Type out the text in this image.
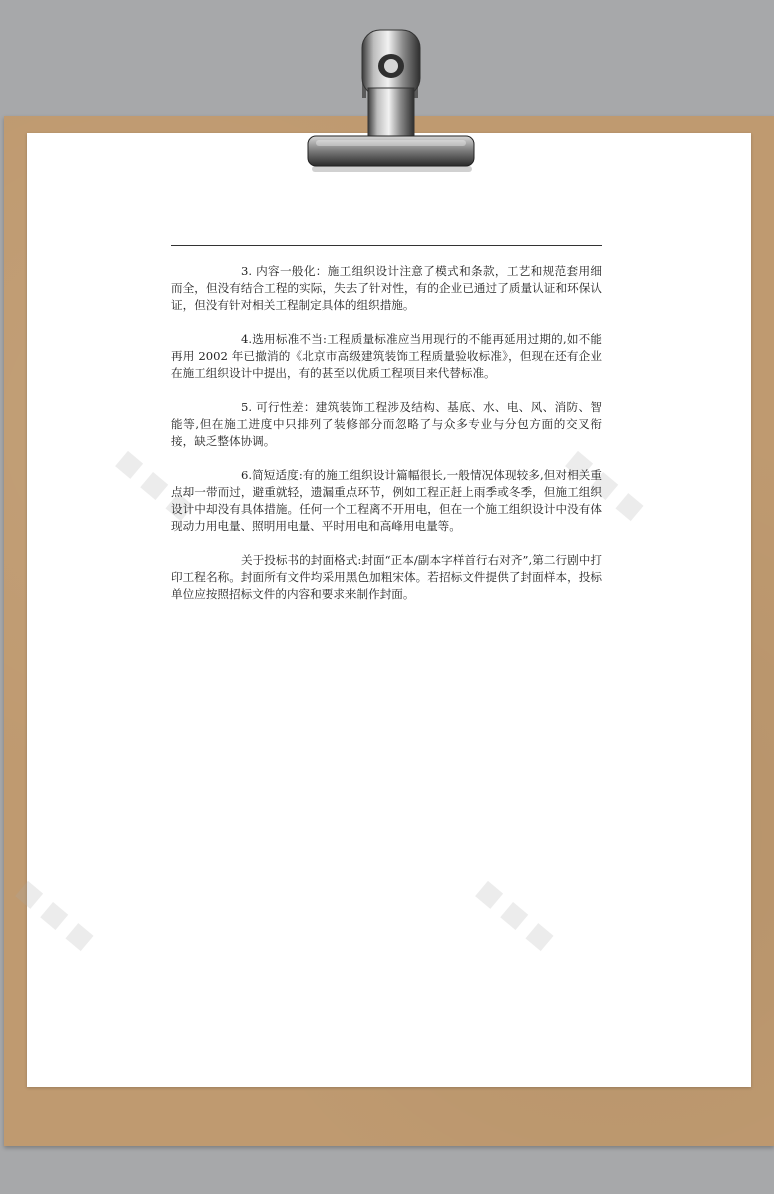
■ ■ ■	■ ■ ■
■ ■ ■	■ ■ ■

3. 内容一般化：施工组织设计注意了模式和条款，工艺和规范套用细而全，但没有结合工程的实际，失去了针对性，有的企业已通过了质量认证和环保认证，但没有针对相关工程制定具体的组织措施。

4.选用标准不当:工程质量标准应当用现行的不能再延用过期的,如不能再用 2002 年已撤消的《北京市高级建筑装饰工程质量验收标准》，但现在还有企业在施工组织设计中提出，有的甚至以优质工程项目来代替标准。

5. 可行性差：建筑装饰工程涉及结构、基底、水、电、风、消防、智能等,但在施工进度中只排列了装修部分而忽略了与众多专业与分包方面的交叉衔接，缺乏整体协调。

6.简短适度:有的施工组织设计篇幅很长,一般情况体现较多,但对相关重点却一带而过，避重就轻，遗漏重点环节，例如工程正赶上雨季或冬季，但施工组织设计中却没有具体措施。任何一个工程离不开用电，但在一个施工组织设计中没有体现动力用电量、照明用电量、平时用电和高峰用电量等。

关于投标书的封面格式:封面“正本/副本字样首行右对齐”,第二行剧中打印工程名称。封面所有文件均采用黑色加粗宋体。若招标文件提供了封面样本，投标单位应按照招标文件的内容和要求来制作封面。
